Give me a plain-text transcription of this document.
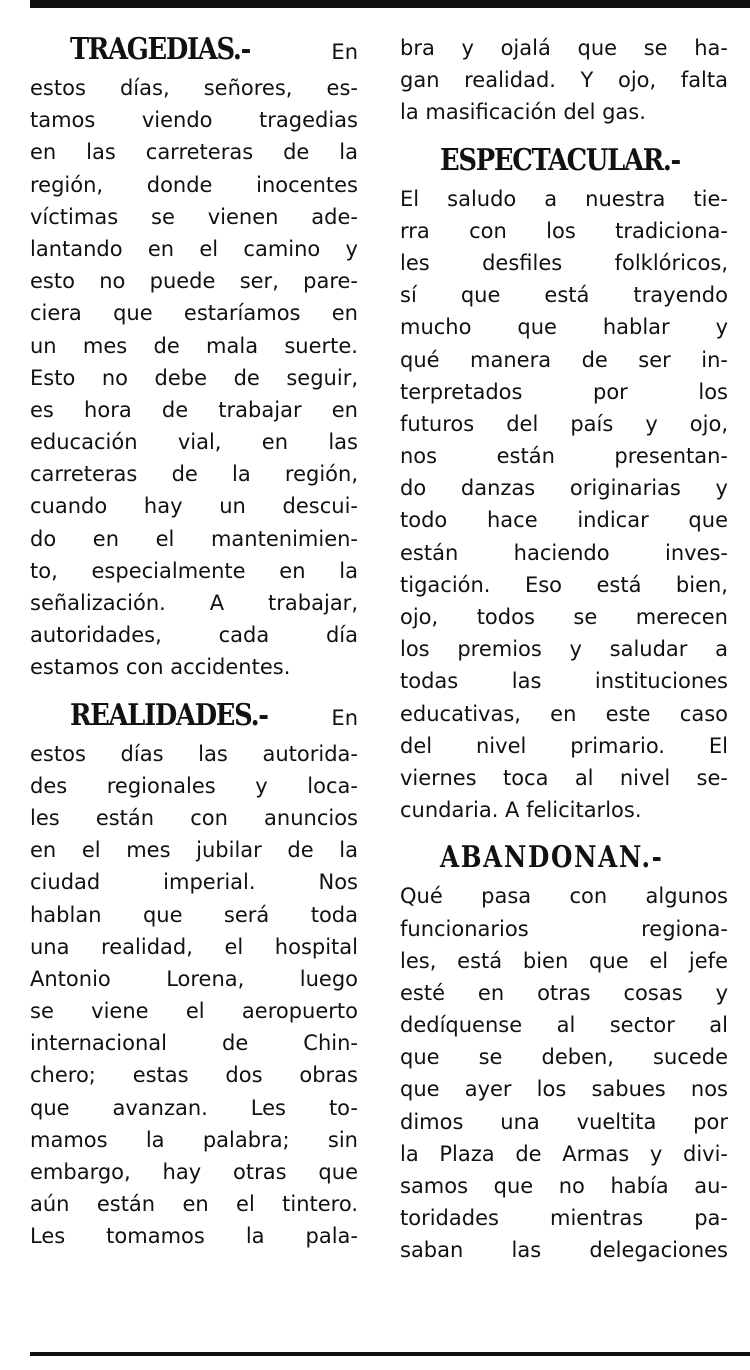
TRAGEDIAS.-	En
estos días, señores, es-
tamos viendo tragedias
en las carreteras de la
región, donde inocentes
víctimas se vienen ade-
lantando en el camino y
esto no puede ser, pare-
ciera que estaríamos en
un mes de mala suerte.
Esto no debe de seguir,
es hora de trabajar en
educación vial, en las
carreteras de la región,
cuando hay un descui-
do en el mantenimien-
to, especialmente en la
señalización. A trabajar,
autoridades, cada día
estamos con accidentes.
REALIDADES.-	En
estos días las autorida-
des regionales y loca-
les están con anuncios
en el mes jubilar de la
ciudad imperial. Nos
hablan que será toda
una realidad, el hospital
Antonio Lorena, luego
se viene el aeropuerto
internacional de Chin-
chero; estas dos obras
que avanzan. Les to-
mamos la palabra; sin
embargo, hay otras que
aún están en el tintero.
Les tomamos la pala-
bra y ojalá que se ha-
gan realidad. Y ojo, falta
la masificación del gas.
ESPECTACULAR.-
El saludo a nuestra tie-
rra con los tradiciona-
les desfiles folklóricos,
sí que está trayendo
mucho que hablar y
qué manera de ser in-
terpretados por los
futuros del país y ojo,
nos están presentan-
do danzas originarias y
todo hace indicar que
están haciendo inves-
tigación. Eso está bien,
ojo, todos se merecen
los premios y saludar a
todas las instituciones
educativas, en este caso
del nivel primario. El
viernes toca al nivel se-
cundaria. A felicitarlos.
ABANDONAN.-
Qué pasa con algunos
funcionarios regiona-
les, está bien que el jefe
esté en otras cosas y
dedíquense al sector al
que se deben, sucede
que ayer los sabues nos
dimos una vueltita por
la Plaza de Armas y divi-
samos que no había au-
toridades mientras pa-
saban las delegaciones
